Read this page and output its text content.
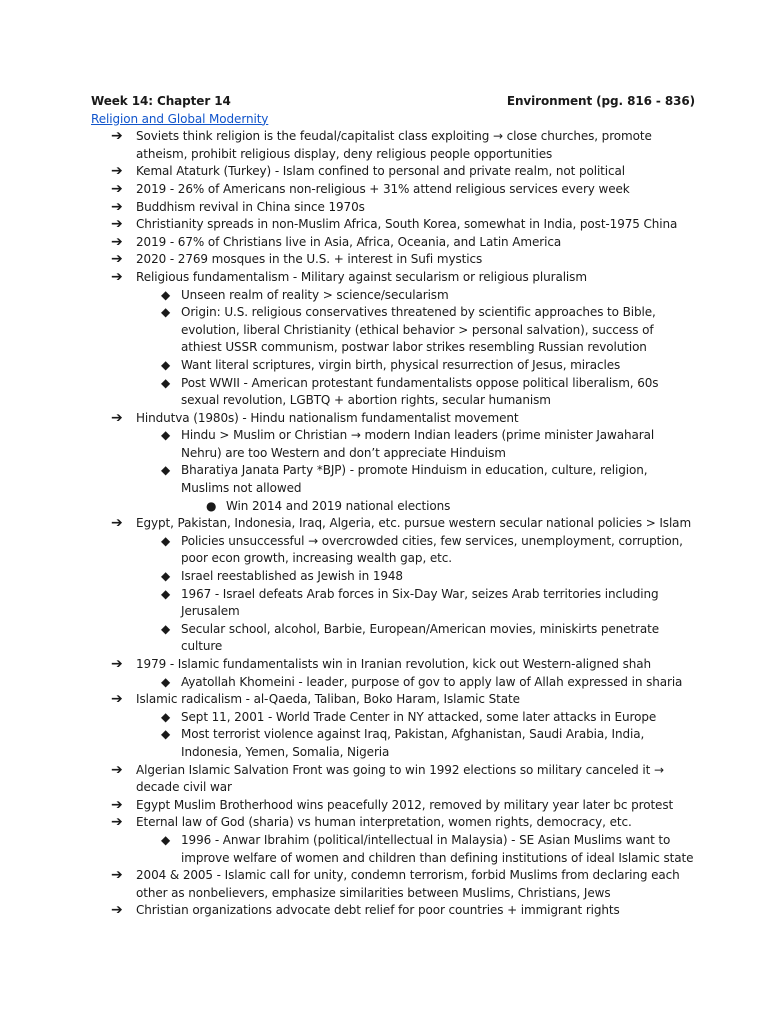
Week 14: Chapter 14	Environment (pg. 816 - 836)
Religion and Global Modernity
➔	Soviets think religion is the feudal/capitalist class exploiting → close churches, promote atheism, prohibit religious display, deny religious people opportunities
➔	Kemal Ataturk (Turkey) - Islam confined to personal and private realm, not political
➔	2019 - 26% of Americans non-religious + 31% attend religious services every week
➔	Buddhism revival in China since 1970s
➔	Christianity spreads in non-Muslim Africa, South Korea, somewhat in India, post-1975 China
➔	2019 - 67% of Christians live in Asia, Africa, Oceania, and Latin America
➔	2020 - 2769 mosques in the U.S. + interest in Sufi mystics
➔	Religious fundamentalism - Military against secularism or religious pluralism
◆ Unseen realm of reality > science/secularism
◆ Origin: U.S. religious conservatives threatened by scientific approaches to Bible, evolution, liberal Christianity (ethical behavior > personal salvation), success of athiest USSR communism, postwar labor strikes resembling Russian revolution
◆ Want literal scriptures, virgin birth, physical resurrection of Jesus, miracles
◆ Post WWII - American protestant fundamentalists oppose political liberalism, 60s sexual revolution, LGBTQ + abortion rights, secular humanism
➔	Hindutva (1980s) - Hindu nationalism fundamentalist movement
◆ Hindu > Muslim or Christian → modern Indian leaders (prime minister Jawaharal Nehru) are too Western and don’t appreciate Hinduism
◆ Bharatiya Janata Party *BJP) - promote Hinduism in education, culture, religion, Muslims not allowed
● Win 2014 and 2019 national elections
➔	Egypt, Pakistan, Indonesia, Iraq, Algeria, etc. pursue western secular national policies > Islam
◆ Policies unsuccessful → overcrowded cities, few services, unemployment, corruption, poor econ growth, increasing wealth gap, etc.
◆ Israel reestablished as Jewish in 1948
◆ 1967 - Israel defeats Arab forces in Six-Day War, seizes Arab territories including Jerusalem
◆ Secular school, alcohol, Barbie, European/American movies, miniskirts penetrate culture
➔	1979 - Islamic fundamentalists win in Iranian revolution, kick out Western-aligned shah
◆ Ayatollah Khomeini - leader, purpose of gov to apply law of Allah expressed in sharia
➔	Islamic radicalism - al-Qaeda, Taliban, Boko Haram, Islamic State
◆ Sept 11, 2001 - World Trade Center in NY attacked, some later attacks in Europe
◆ Most terrorist violence against Iraq, Pakistan, Afghanistan, Saudi Arabia, India, Indonesia, Yemen, Somalia, Nigeria
➔	Algerian Islamic Salvation Front was going to win 1992 elections so military canceled it → decade civil war
➔	Egypt Muslim Brotherhood wins peacefully 2012, removed by military year later bc protest
➔	Eternal law of God (sharia) vs human interpretation, women rights, democracy, etc.
◆ 1996 - Anwar Ibrahim (political/intellectual in Malaysia) - SE Asian Muslims want to improve welfare of women and children than defining institutions of ideal Islamic state
➔	2004 & 2005 - Islamic call for unity, condemn terrorism, forbid Muslims from declaring each other as nonbelievers, emphasize similarities between Muslims, Christians, Jews
➔	Christian organizations advocate debt relief for poor countries + immigrant rights
